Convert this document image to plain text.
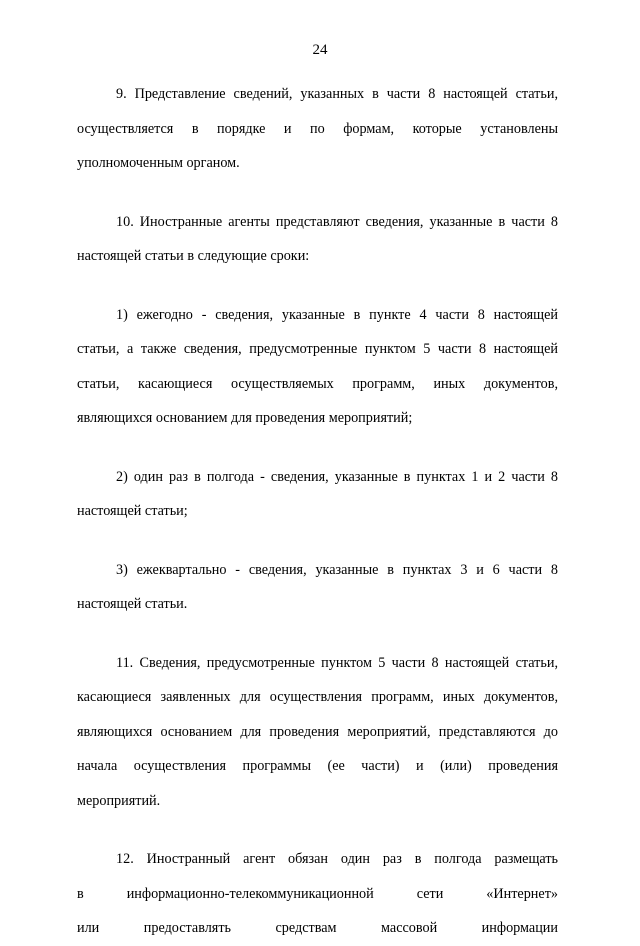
24

9. Представление сведений, указанных в части 8 настоящей статьи,
осуществляется в порядке и по формам, которые установлены
уполномоченным органом.

10. Иностранные агенты представляют сведения, указанные в части 8
настоящей статьи в следующие сроки:

1) ежегодно - сведения, указанные в пункте 4 части 8 настоящей
статьи, а также сведения, предусмотренные пунктом 5 части 8 настоящей
статьи, касающиеся осуществляемых программ, иных документов,
являющихся основанием для проведения мероприятий;

2) один раз в полгода - сведения, указанные в пунктах 1 и 2 части 8
настоящей статьи;

3) ежеквартально - сведения, указанные в пунктах 3 и 6 части 8
настоящей статьи.

11. Сведения, предусмотренные пунктом 5 части 8 настоящей статьи,
касающиеся заявленных для осуществления программ, иных документов,
являющихся основанием для проведения мероприятий, представляются до
начала осуществления программы (ее части) и (или) проведения
мероприятий.

12. Иностранный агент обязан один раз в полгода размещать
в информационно-телекоммуникационной сети «Интернет»
или предоставлять средствам массовой информации
